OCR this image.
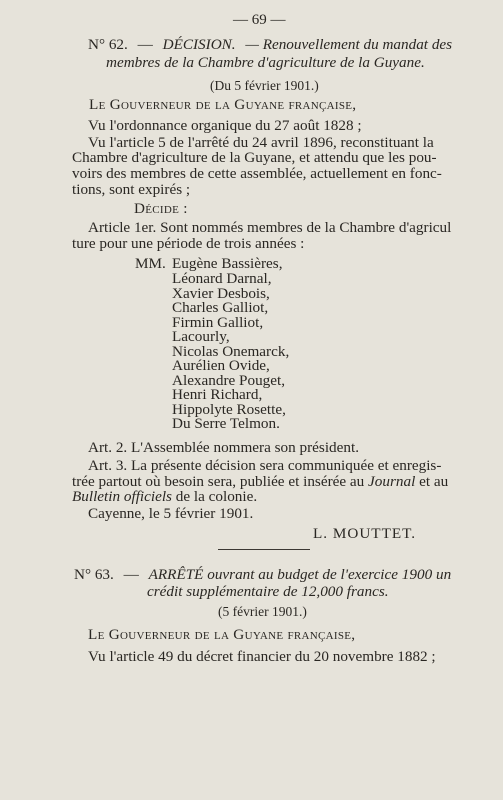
— 69 —
N° 62. — DÉCISION. — Renouvellement du mandat des
membres de la Chambre d'agriculture de la Guyane.
(Du 5 février 1901.)
Le Gouverneur de la Guyane française,
Vu l'ordonnance organique du 27 août 1828 ;
Vu l'article 5 de l'arrêté du 24 avril 1896, reconstituant la
Chambre d'agriculture de la Guyane, et attendu que les pou-
voirs des membres de cette assemblée, actuellement en fonc-
tions, sont expirés ;
Décide :
Article 1er. Sont nommés membres de la Chambre d'agricul
ture pour une période de trois années :
MM. Eugène Bassières,
Léonard Darnal,
Xavier Desbois,
Charles Galliot,
Firmin Galliot,
Lacourly,
Nicolas Onemarck,
Aurélien Ovide,
Alexandre Pouget,
Henri Richard,
Hippolyte Rosette,
Du Serre Telmon.
Art. 2. L'Assemblée nommera son président.
Art. 3. La présente décision sera communiquée et enregis-
trée partout où besoin sera, publiée et insérée au Journal et au
Bulletin officiels de la colonie.
Cayenne, le 5 février 1901.
L. MOUTTET.
N° 63. — ARRÊTÉ ouvrant au budget de l'exercice 1900 un
crédit supplémentaire de 12,000 francs.
(5 février 1901.)
Le Gouverneur de la Guyane française,
Vu l'article 49 du décret financier du 20 novembre 1882 ;
